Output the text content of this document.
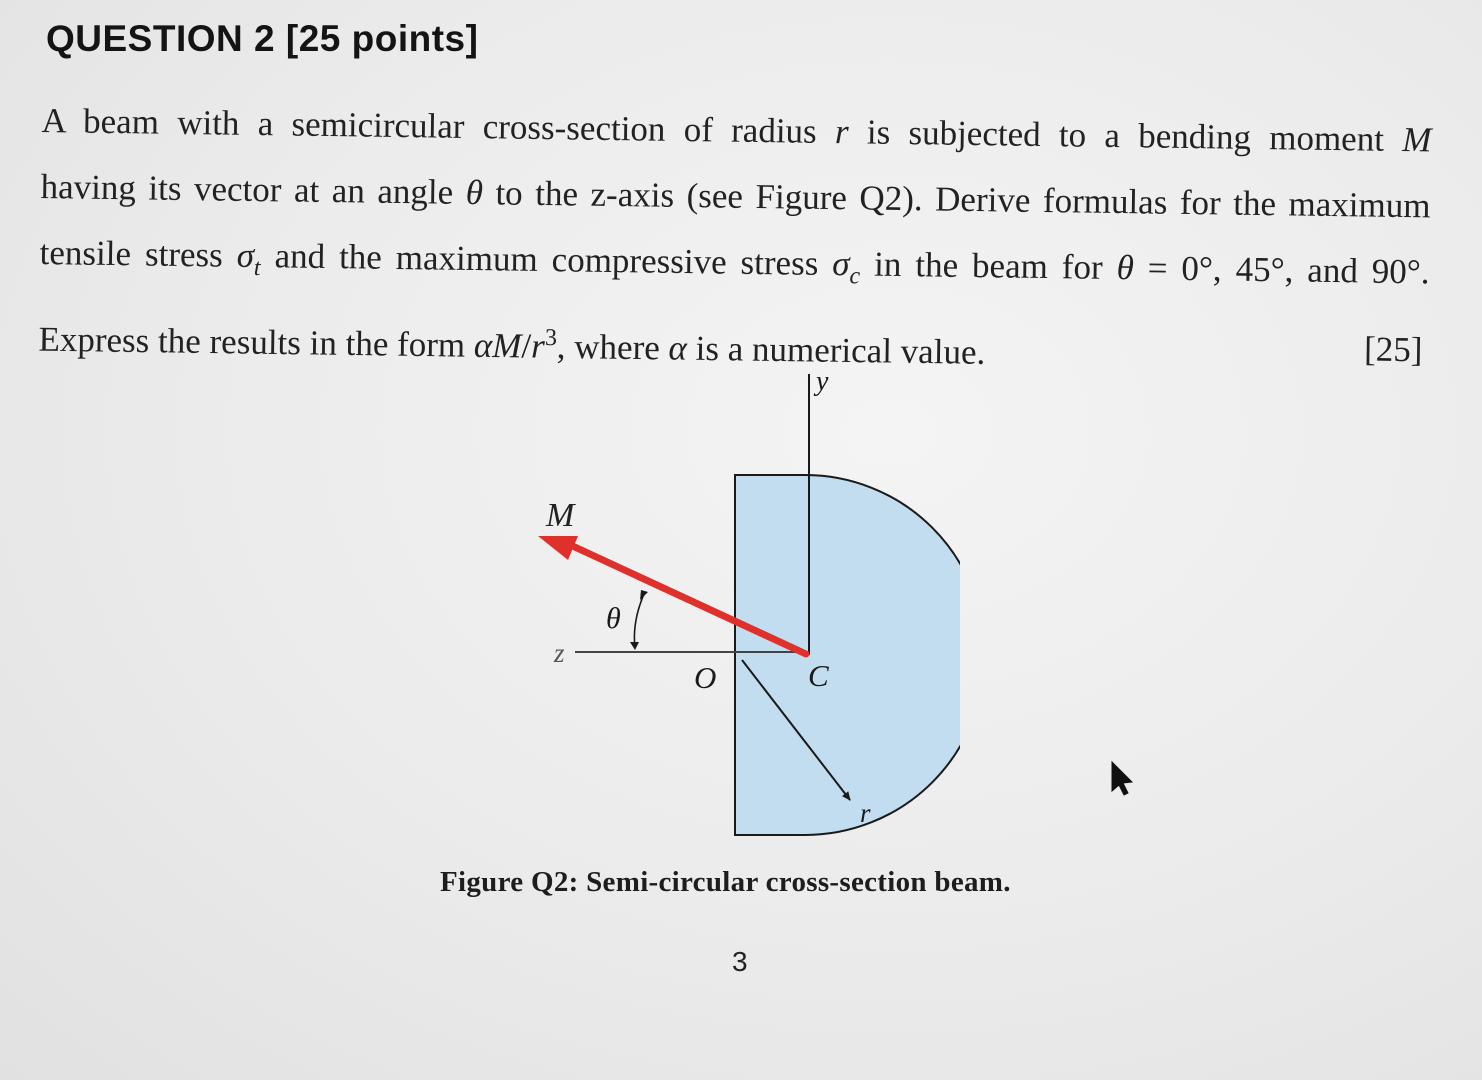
QUESTION 2 [25 points]
A beam with a semicircular cross-section of radius r is subjected to a bending moment M
having its vector at an angle θ to the z-axis (see Figure Q2). Derive formulas for the maximum
tensile stress $\sigma_t$ and the maximum compressive stress $\sigma_c$ in the beam for θ = 0°, 45°, and 90°.
Express the results in the form $\alpha M/r^3$, where α is a numerical value.	[25]
y
z
r
M
θ
O	C
Figure Q2: Semi-circular cross-section beam.
3
